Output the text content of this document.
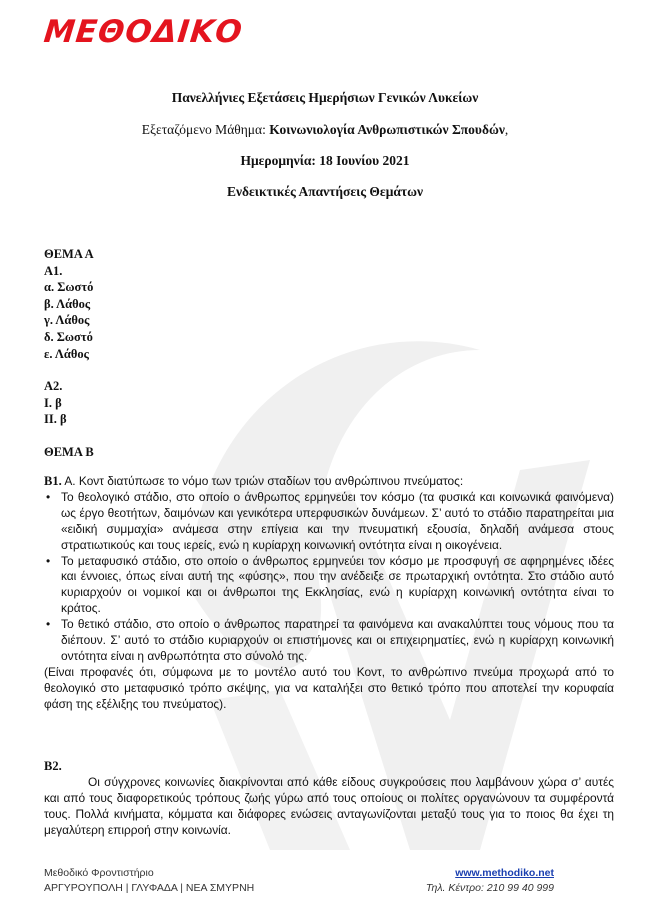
ΜΕΘΟΔΙΚΟ
Πανελλήνιες Εξετάσεις Ημερήσιων Γενικών Λυκείων
Εξεταζόμενο Μάθημα: Κοινωνιολογία Ανθρωπιστικών Σπουδών,
Ημερομηνία: 18 Ιουνίου 2021
Ενδεικτικές Απαντήσεις Θεμάτων
ΘΕΜΑ Α
Α1.
α. Σωστό
β. Λάθος
γ. Λάθος
δ. Σωστό
ε. Λάθος
Α2.
Ι. β
ΙΙ. β
ΘΕΜΑ Β
Β1. Α. Κοντ διατύπωσε το νόμο των τριών σταδίων του ανθρώπινου πνεύματος:
• Το θεολογικό στάδιο, στο οποίο ο άνθρωπος ερμηνεύει τον κόσμο (τα φυσικά και κοινωνικά φαινόμενα) ως έργο θεοτήτων, δαιμόνων και γενικότερα υπερφυσικών δυνάμεων. Σ’ αυτό το στάδιο παρατηρείται μια «ειδική συμμαχία» ανάμεσα στην επίγεια και την πνευματική εξουσία, δηλαδή ανάμεσα στους στρατιωτικούς και τους ιερείς, ενώ η κυρίαρχη κοινωνική οντότητα είναι η οικογένεια.
• Το μεταφυσικό στάδιο, στο οποίο ο άνθρωπος ερμηνεύει τον κόσμο με προσφυγή σε αφηρημένες ιδέες και έννοιες, όπως είναι αυτή της «φύσης», που την ανέδειξε σε πρωταρχική οντότητα. Στο στάδιο αυτό κυριαρχούν οι νομικοί και οι άνθρωποι της Εκκλησίας, ενώ η κυρίαρχη κοινωνική οντότητα είναι το κράτος.
• Το θετικό στάδιο, στο οποίο ο άνθρωπος παρατηρεί τα φαινόμενα και ανακαλύπτει τους νόμους που τα διέπουν. Σ’ αυτό το στάδιο κυριαρχούν οι επιστήμονες και οι επιχειρηματίες, ενώ η κυρίαρχη κοινωνική οντότητα είναι η ανθρωπότητα στο σύνολό της.
(Είναι προφανές ότι, σύμφωνα με το μοντέλο αυτό του Κοντ, το ανθρώπινο πνεύμα προχωρά από το θεολογικό στο μεταφυσικό τρόπο σκέψης, για να καταλήξει στο θετικό τρόπο που αποτελεί την κορυφαία φάση της εξέλιξης του πνεύματος).
Β2.
Οι σύγχρονες κοινωνίες διακρίνονται από κάθε είδους συγκρούσεις που λαμβάνουν χώρα σ’ αυτές και από τους διαφορετικούς τρόπους ζωής γύρω από τους οποίους οι πολίτες οργανώνουν τα συμφέροντά τους. Πολλά κινήματα, κόμματα και διάφορες ενώσεις ανταγωνίζονται μεταξύ τους για το ποιος θα έχει τη μεγαλύτερη επιρροή στην κοινωνία.
Μεθοδικό Φροντιστήριο
ΑΡΓΥΡΟΥΠΟΛΗ | ΓΛΥΦΑΔΑ | ΝΕΑ ΣΜΥΡΝΗ
www.methodiko.net
Τηλ. Κέντρο: 210 99 40 999
